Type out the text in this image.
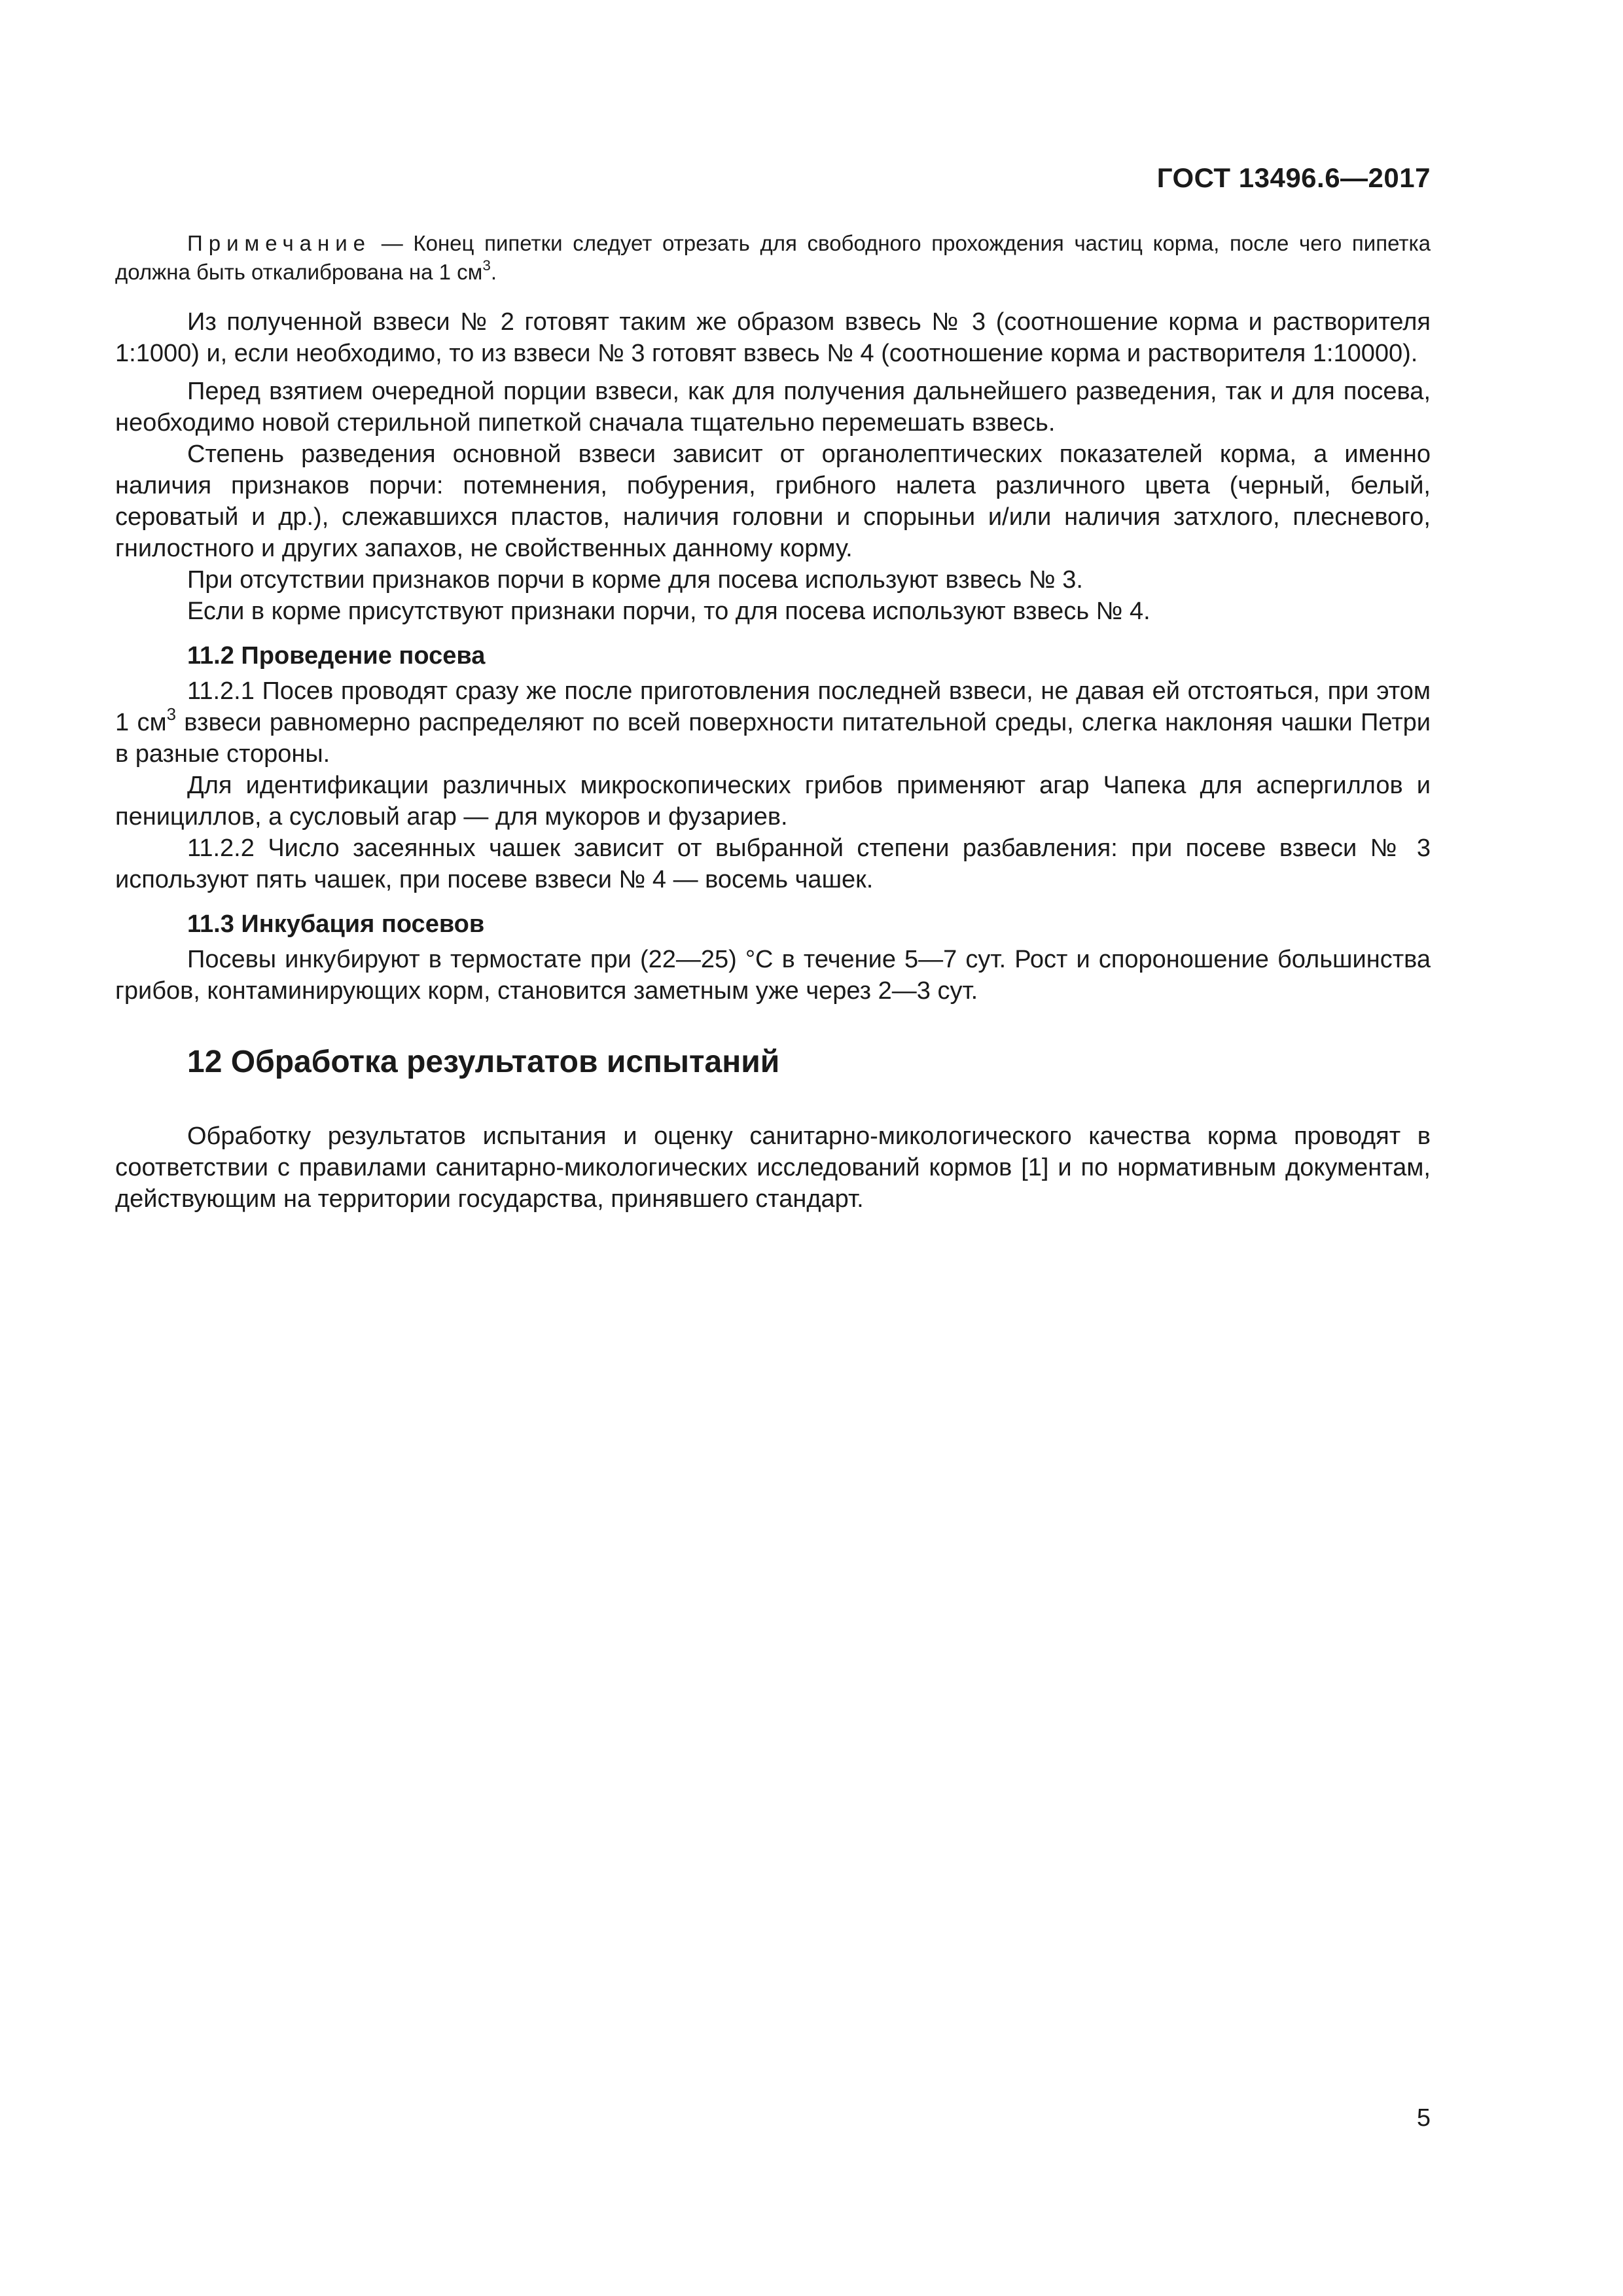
ГОСТ 13496.6—2017

Примечание — Конец пипетки следует отрезать для свободного прохождения частиц корма, после чего пипетка должна быть откалибрована на 1 $см^3$.

Из полученной взвеси № 2 готовят таким же образом взвесь № 3 (соотношение корма и растворителя 1:1000) и, если необходимо, то из взвеси № 3 готовят взвесь № 4 (соотношение корма и растворителя 1:10000).

Перед взятием очередной порции взвеси, как для получения дальнейшего разведения, так и для посева, необходимо новой стерильной пипеткой сначала тщательно перемешать взвесь.

Степень разведения основной взвеси зависит от органолептических показателей корма, а именно наличия признаков порчи: потемнения, побурения, грибного налета различного цвета (черный, белый, сероватый и др.), слежавшихся пластов, наличия головни и спорыньи и/или наличия затхлого, плесневого, гнилостного и других запахов, не свойственных данному корму.

При отсутствии признаков порчи в корме для посева используют взвесь № 3.

Если в корме присутствуют признаки порчи, то для посева используют взвесь № 4.

11.2 Проведение посева

11.2.1 Посев проводят сразу же после приготовления последней взвеси, не давая ей отстояться, при этом 1 $см^3$ взвеси равномерно распределяют по всей поверхности питательной среды, слегка наклоняя чашки Петри в разные стороны.

Для идентификации различных микроскопических грибов применяют агар Чапека для аспергиллов и пенициллов, а сусловый агар — для мукоров и фузариев.

11.2.2 Число засеянных чашек зависит от выбранной степени разбавления: при посеве взвеси № 3 используют пять чашек, при посеве взвеси № 4 — восемь чашек.

11.3 Инкубация посевов

Посевы инкубируют в термостате при (22—25) °С в течение 5—7 сут. Рост и спороношение большинства грибов, контаминирующих корм, становится заметным уже через 2—3 сут.

12 Обработка результатов испытаний

Обработку результатов испытания и оценку санитарно-микологического качества корма проводят в соответствии с правилами санитарно-микологических исследований кормов [1] и по нормативным документам, действующим на территории государства, принявшего стандарт.

5
